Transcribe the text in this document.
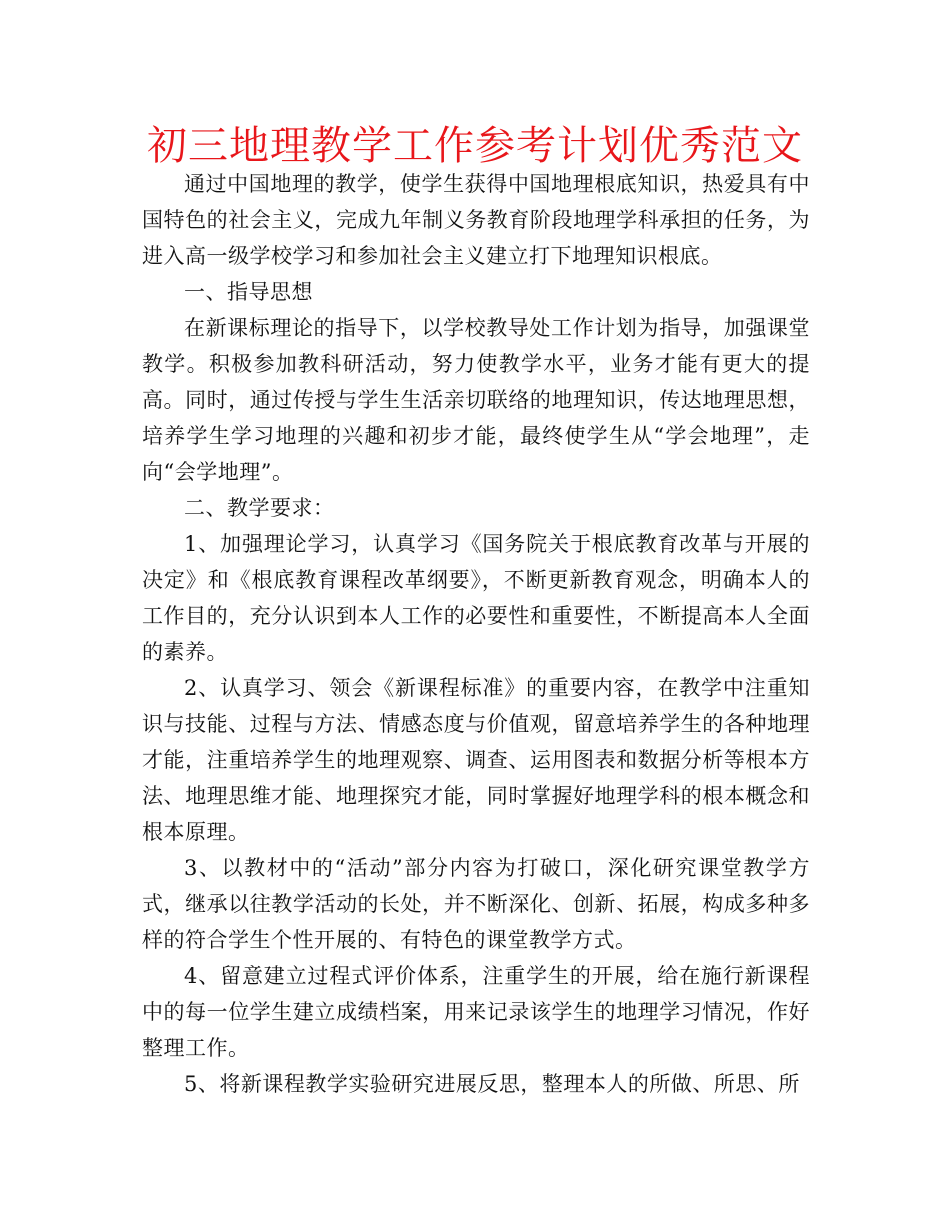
初三地理教学工作参考计划优秀范文

通过中国地理的教学，使学生获得中国地理根底知识，热爱具有中国特色的社会主义，完成九年制义务教育阶段地理学科承担的任务，为进入高一级学校学习和参加社会主义建立打下地理知识根底。

一、指导思想

在新课标理论的指导下，以学校教导处工作计划为指导，加强课堂教学。积极参加教科研活动，努力使教学水平，业务才能有更大的提高。同时，通过传授与学生生活亲切联络的地理知识，传达地理思想，培养学生学习地理的兴趣和初步才能，最终使学生从“学会地理”，走向“会学地理”。

二、教学要求：

1、加强理论学习，认真学习《国务院关于根底教育改革与开展的决定》和《根底教育课程改革纲要》，不断更新教育观念，明确本人的工作目的，充分认识到本人工作的必要性和重要性，不断提高本人全面的素养。

2、认真学习、领会《新课程标准》的重要内容，在教学中注重知识与技能、过程与方法、情感态度与价值观，留意培养学生的各种地理才能，注重培养学生的地理观察、调查、运用图表和数据分析等根本方法、地理思维才能、地理探究才能，同时掌握好地理学科的根本概念和根本原理。

3、以教材中的“活动”部分内容为打破口，深化研究课堂教学方式，继承以往教学活动的长处，并不断深化、创新、拓展，构成多种多样的符合学生个性开展的、有特色的课堂教学方式。

4、留意建立过程式评价体系，注重学生的开展，给在施行新课程中的每一位学生建立成绩档案，用来记录该学生的地理学习情况，作好整理工作。

5、将新课程教学实验研究进展反思，整理本人的所做、所思、所
